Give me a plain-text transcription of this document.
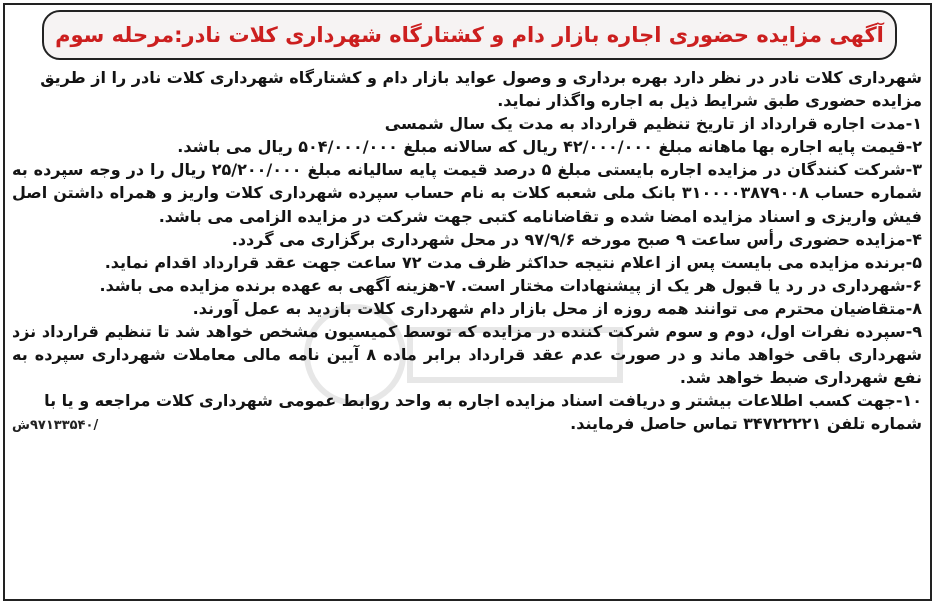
آگهی مزایده حضوری اجاره بازار دام و کشتارگاه شهرداری کلات نادر:مرحله سوم

شهرداری کلات نادر در نظر دارد بهره برداری و وصول عواید بازار دام و کشتارگاه شهرداری کلات نادر را از طریق

مزایده حضوری طبق شرایط ذیل به اجاره واگذار نماید.

۱-مدت اجاره قرارداد از تاریخ تنظیم قرارداد به مدت یک سال شمسی

۲-قیمت پایه اجاره بها ماهانه مبلغ ۴۲/۰۰۰/۰۰۰ ریال که سالانه مبلغ ۵۰۴/۰۰۰/۰۰۰ ریال می باشد.

۳-شرکت کنندگان در مزایده اجاره بایستی مبلغ ۵ درصد قیمت پایه سالیانه مبلغ ۲۵/۲۰۰/۰۰۰ ریال را در وجه سپرده به شماره حساب ۳۱۰۰۰۰۳۸۷۹۰۰۸ بانک ملی شعبه کلات به نام حساب سپرده شهرداری کلات واریز و همراه داشتن اصل فیش واریزی و اسناد مزایده امضا شده و تقاضانامه کتبی جهت شرکت در مزایده الزامی می باشد.

۴-مزایده حضوری رأس ساعت ۹ صبح مورخه ۹۷/۹/۶ در محل شهرداری برگزاری می گردد.

۵-برنده مزایده می بایست پس از اعلام نتیجه حداکثر ظرف مدت ۷۲ ساعت جهت عقد قرارداد اقدام نماید.

۶-شهرداری در رد یا قبول هر یک از پیشنهادات مختار است. ۷-هزینه آگهی به عهده برنده مزایده می باشد.

۸-متقاضیان محترم می توانند همه روزه از محل بازار دام شهرداری کلات بازدید به عمل آورند.

۹-سپرده نفرات اول، دوم و سوم شرکت کننده در مزایده که توسط کمیسیون مشخص خواهد شد تا تنظیم قرارداد نزد شهرداری باقی خواهد ماند و در صورت عدم عقد قرارداد برابر ماده ۸ آیین نامه مالی معاملات شهرداری سپرده به نفع شهرداری ضبط خواهد شد.

۱۰-جهت کسب اطلاعات بیشتر و دریافت اسناد مزایده اجاره به واحد روابط عمومی شهرداری کلات مراجعه و یا با

شماره تلفن ۳۴۷۲۲۲۲۱ تماس حاصل فرمایند.
/۹۷۱۳۳۵۴۰ش
